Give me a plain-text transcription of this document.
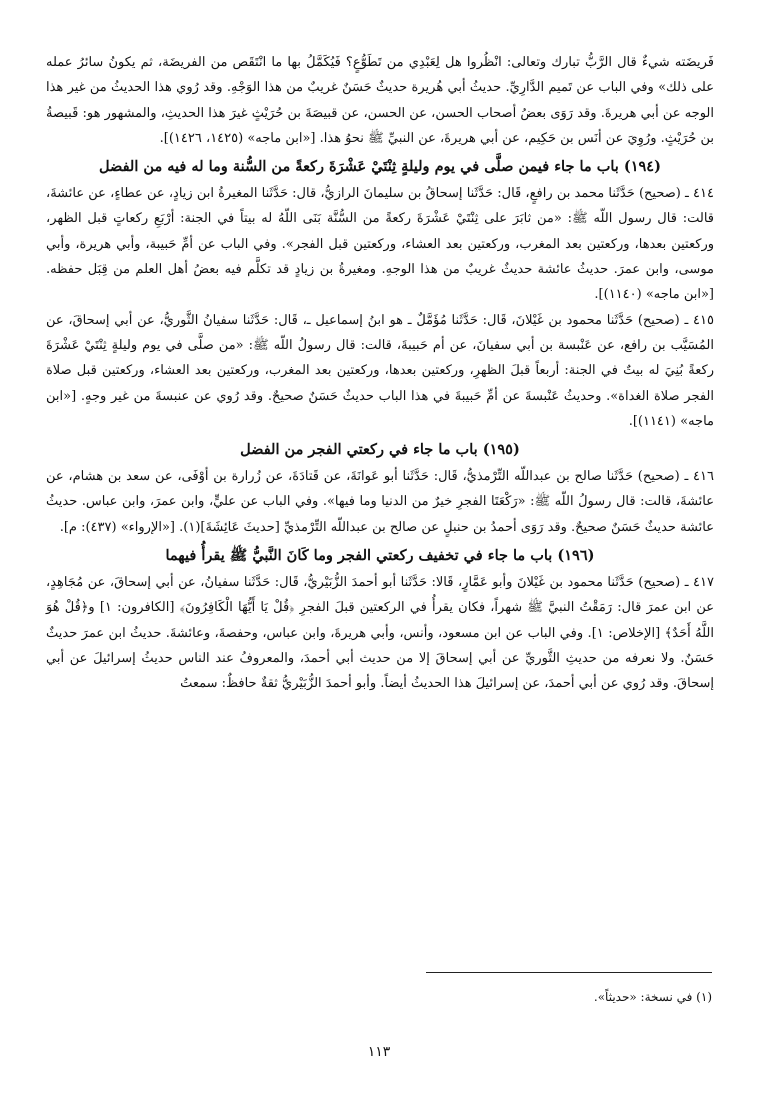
فَريضَته شيءٌ قال الرَّبُّ تبارك وتعالى: انْظُروا هل لِعَبْدِي من تَطَوُّعٍ؟ فَيُكَمَّلُ بها ما انْتَقَص من الفريضَة، ثم يكونُ سائرُ عمله على ذلك» وفي الباب عن تَميم الدَّارِيِّ. حديثُ أبي هُريرة حديثٌ حَسَنٌ غريبٌ من هذا الوَجْهِ. وقد رُوي هذا الحديثُ من غير هذا الوجه عن أبي هريرةَ. وقد رَوَى بعضُ أصحاب الحسن، عن الحسن، عن قبيصَةَ بن حُرَيْثٍ غيرَ هذا الحديثِ، والمشهور هو: قَبيصةُ بن حُرَيْثٍ. ورُوِيَ عن أنَس بن حَكِيم، عن أبي هريرةَ، عن النبيِّ ﷺ نحوُ هذا. [«ابن ماجه» (١٤٢٥، ١٤٢٦)].

(١٩٤) باب ما جاء فيمن صلَّى في يوم وليلةٍ ثِنْتَيْ عَشْرَةَ ركعةً من السُّنة وما له فيه من الفضل

٤١٤ ـ (صحيح) حَدَّثَنا محمد بن رافعٍ، قَال: حَدَّثَنا إسحاقُ بن سليمانَ الرازيُّ، قال: حَدَّثَنا المغيرةُ ابن زيادٍ، عن عطاءٍ، عن عائشةَ، قالت: قال رسول اللّه ﷺ: «من ثابَرَ على ثِنْتَيْ عَشْرَةَ ركعةً من السُّنَّة بَنَى اللّهُ له بيتاً في الجنة: أرْبَعِ ركعاتٍ قبل الظهر، وركعتين بعدها، وركعتين بعد المغرب، وركعتين بعد العشاء، وركعتين قبل الفجر». وفي الباب عن أمِّ حَبيبة، وأبي هريرة، وأبي موسى، وابن عمرَ. حديثُ عائشة حديثٌ غريبٌ من هذا الوجهِ. ومغيرةُ بن زيادٍ قد تكلَّم فيه بعضُ أهل العلم من قِبَل حفظه. [«ابن ماجه» (١١٤٠)].

٤١٥ ـ (صحيح) حَدَّثَنا محمود بن غَيْلانَ، قَال: حَدَّثَنا مُؤَمَّلٌ ـ هو ابنُ إسماعيل ـ، قَال: حَدَّثَنا سفيانُ الثَّوريُّ، عن أبي إسحاقَ، عن المُسَيَّب بن رافع، عن عَنْبسة بن أبي سفيانَ، عن أم حَبيبةَ، قالت: قال رسولُ اللّه ﷺ: «من صلَّى في يوم وليلةٍ ثِنْتَيْ عَشْرَةَ ركعةً بُنِيَ له بيتٌ في الجنة: أربعاً قبلَ الظهرِ، وركعتين بعدها، وركعتين بعد المغرب، وركعتين بعد العشاء، وركعتين قبل صلاة الفجر صلاة الغداة». وحديثُ عَنْبسةَ عن أمِّ حَبيبةَ في هذا الباب حديثٌ حَسَنٌ صحيحٌ. وقد رُوي عن عنبسةَ من غير وجهٍ. [«ابن ماجه» (١١٤١)].

(١٩٥) باب ما جاء في ركعتي الفجر من الفضل

٤١٦ ـ (صحيح) حَدَّثَنا صالح بن عبداللّه التِّرْمذيُّ، قَال: حَدَّثَنا أبو عَوانَةَ، عن قَتادَةَ، عن زُرارة بن أوْفَى، عن سعد بن هشام، عن عائشةَ، قالت: قال رسولُ اللّه ﷺ: «رَكْعَتَا الفجرِ خيرٌ من الدنيا وما فيها». وفي الباب عن عليٍّ، وابن عمرَ، وابن عباس. حديثُ عائشة حديثٌ حَسَنٌ صحيحٌ. وقد رَوَى أحمدُ بن حنبلٍ عن صالح بن عبداللّه التِّرْمذيِّ [حديثَ عَائِشَةَ](١). [«الإرواء» (٤٣٧): م].

(١٩٦) باب ما جاء في تخفيف ركعتي الفجر وما كَانَ النَّبيُّ ﷺ يقرأُ فيهما

٤١٧ ـ (صحيح) حَدَّثَنا محمود بن غَيْلانَ وأبو عَمَّارٍ، قَالا: حَدَّثَنا أبو أحمدَ الزُّبَيْريُّ، قَال: حَدَّثَنا سفيانُ، عن أبي إسحاقَ، عن مُجَاهِدٍ، عن ابن عمرَ قال: رَمَقْتُ النبيَّ ﷺ شهراً، فكان يقرأُ في الركعتين قبلَ الفجرِ ﴿قُلْ يَا أَيُّهَا الْكَافِرُونَ﴾ [الكافرون: ١] و﴿قُلْ هُوَ اللَّهُ أَحَدٌ﴾ [الإخلاص: ١]. وفي الباب عن ابن مسعود، وأنس، وأبي هريرةَ، وابن عباس، وحفصةَ، وعائشةَ. حديثُ ابن عمرَ حديثٌ حَسَنٌ. ولا نعرفه من حديثِ الثَّوريِّ عن أبي إسحاقَ إلا من حديث أبي أحمدَ، والمعروفُ عند الناس حديثُ إسرائيلَ عن أبي إسحاقَ. وقد رُوي عن أبي أحمدَ، عن إسرائيلَ هذا الحديثُ أيضاً. وأبو أحمدَ الزُّبَيْريُّ ثقةٌ حافظٌ: سمعتُ

(١) في نسخة: «حديثاً».
١١٣
